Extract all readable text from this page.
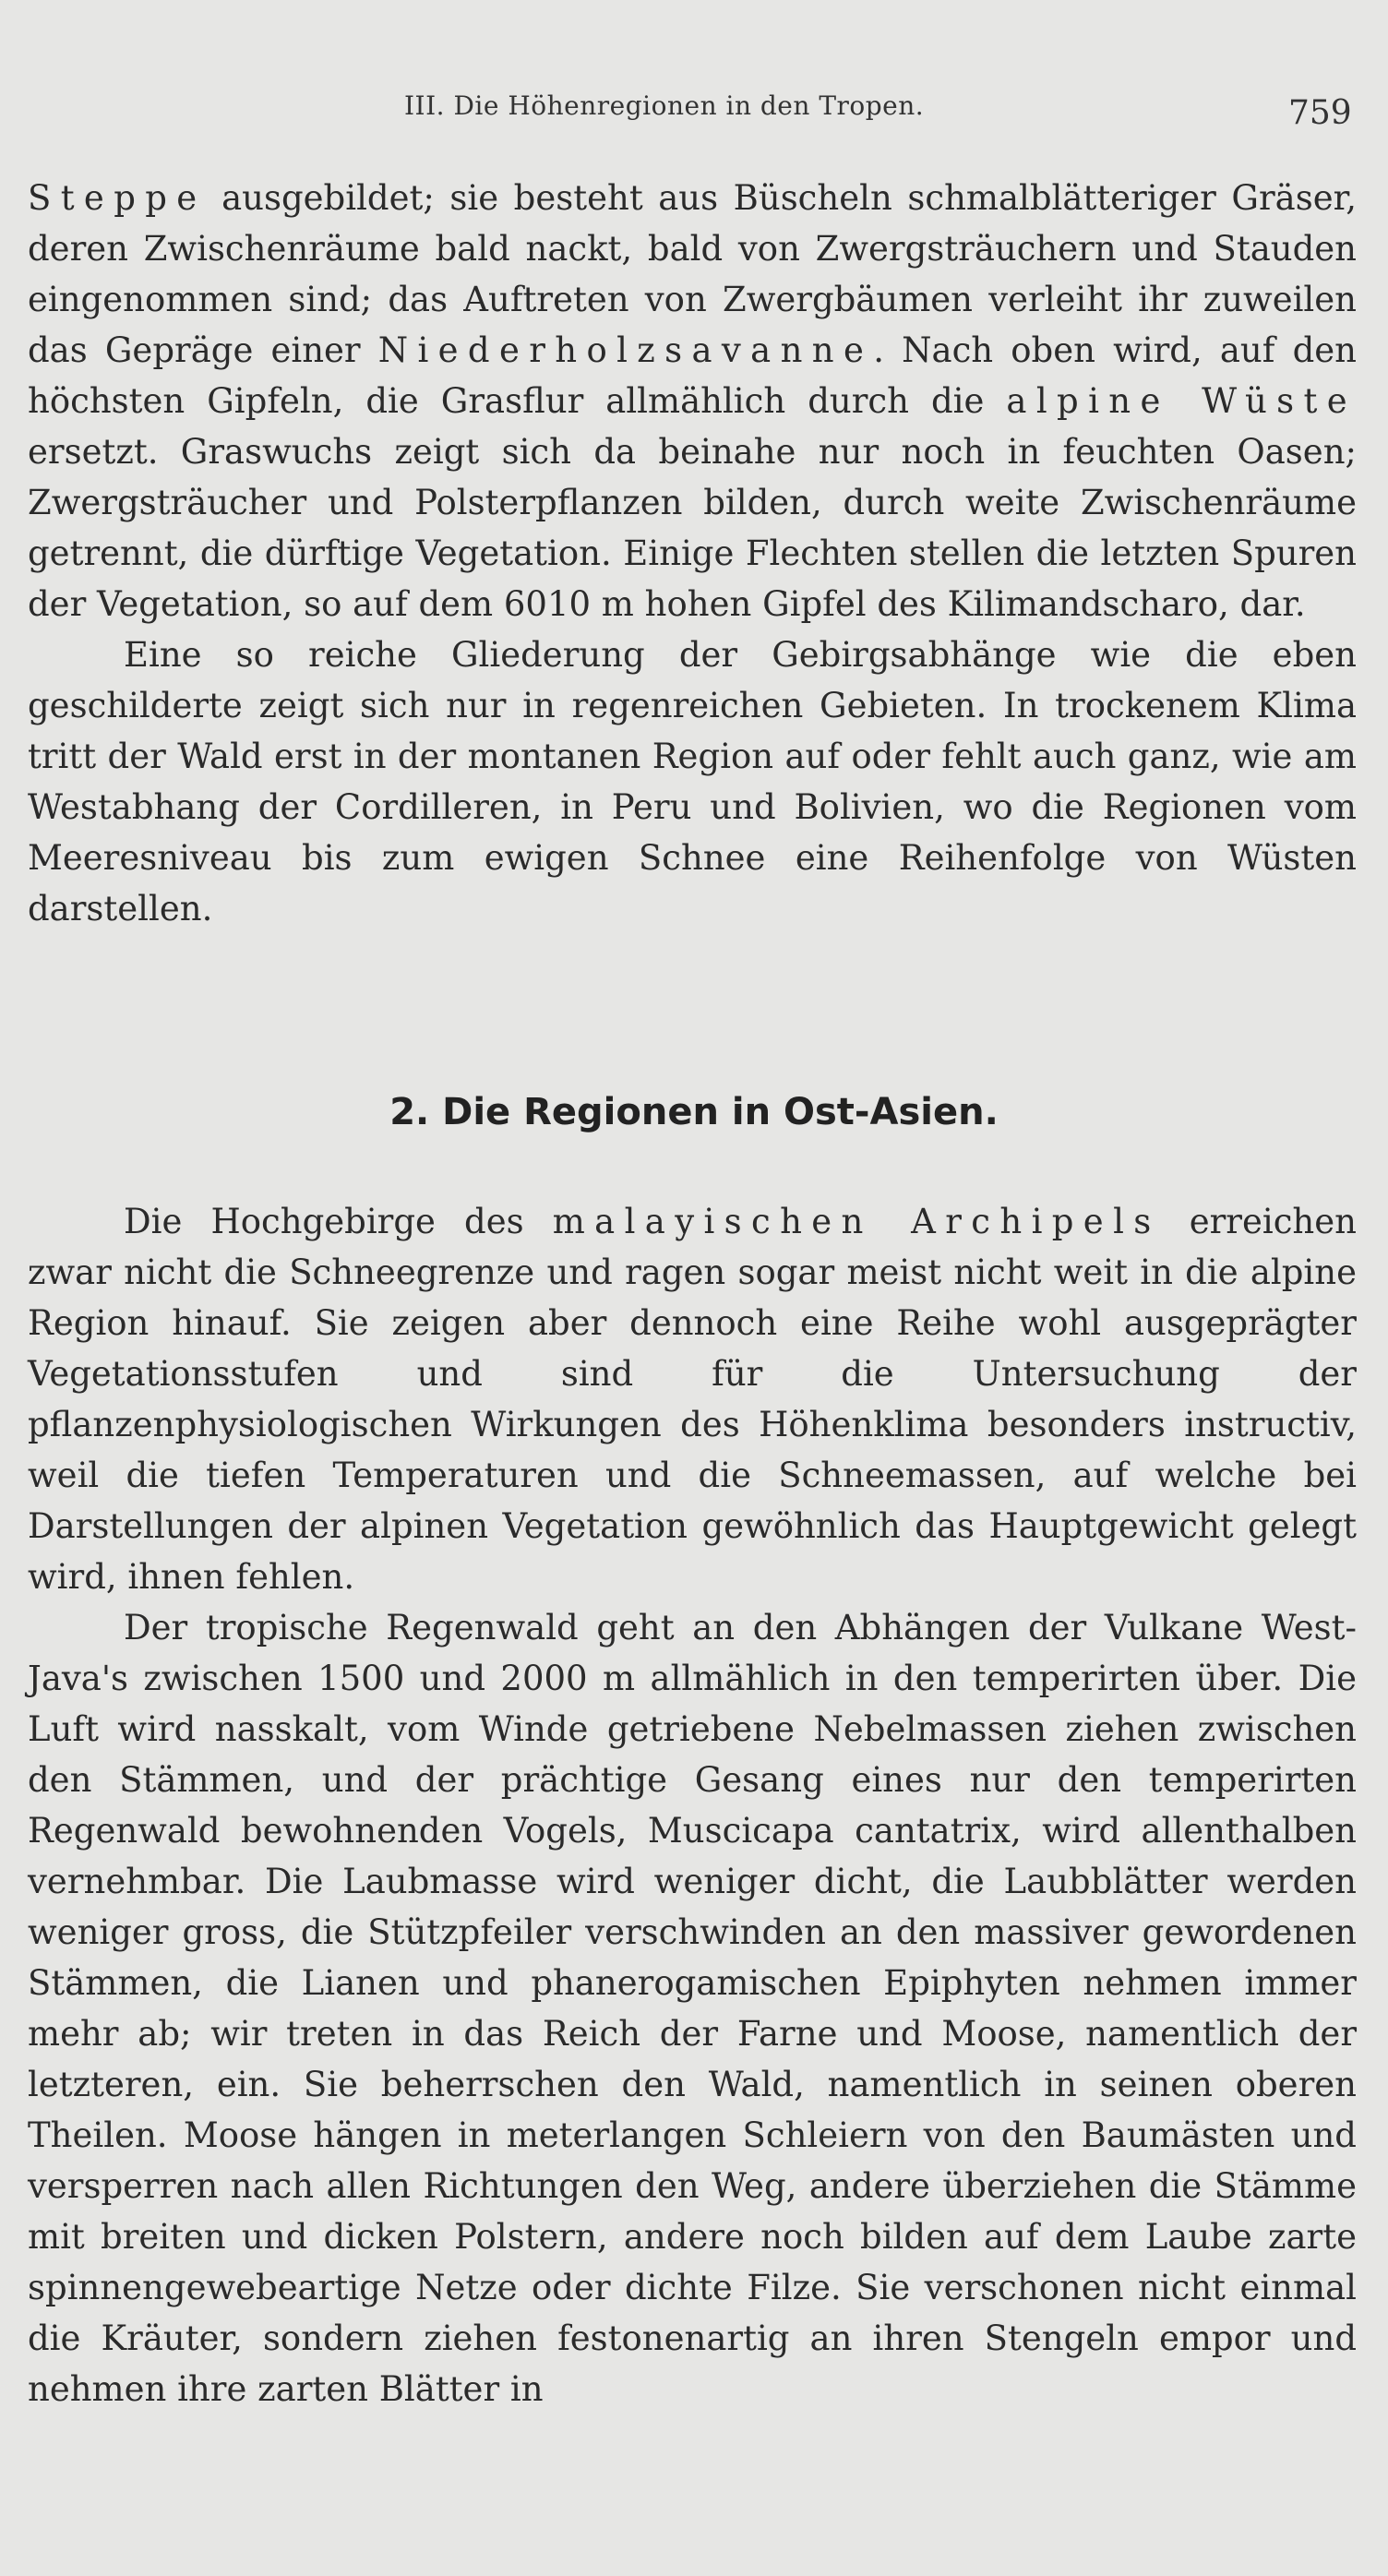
III. Die Höhenregionen in den Tropen.	759

Steppe ausgebildet; sie besteht aus Büscheln schmalblätteriger Gräser, deren Zwischenräume bald nackt, bald von Zwergsträuchern und Stauden eingenommen sind; das Auftreten von Zwergbäumen verleiht ihr zuweilen das Gepräge einer Niederholzsavanne. Nach oben wird, auf den höchsten Gipfeln, die Grasflur allmählich durch die alpine Wüste ersetzt. Graswuchs zeigt sich da beinahe nur noch in feuchten Oasen; Zwergsträucher und Polsterpflanzen bilden, durch weite Zwischenräume getrennt, die dürftige Vegetation. Einige Flechten stellen die letzten Spuren der Vegetation, so auf dem 6010 m hohen Gipfel des Kilimandscharo, dar.

Eine so reiche Gliederung der Gebirgsabhänge wie die eben geschilderte zeigt sich nur in regenreichen Gebieten. In trockenem Klima tritt der Wald erst in der montanen Region auf oder fehlt auch ganz, wie am Westabhang der Cordilleren, in Peru und Bolivien, wo die Regionen vom Meeresniveau bis zum ewigen Schnee eine Reihenfolge von Wüsten darstellen.

2. Die Regionen in Ost-Asien.

Die Hochgebirge des malayischen Archipels erreichen zwar nicht die Schneegrenze und ragen sogar meist nicht weit in die alpine Region hinauf. Sie zeigen aber dennoch eine Reihe wohl ausgeprägter Vegetationsstufen und sind für die Untersuchung der pflanzenphysiologischen Wirkungen des Höhenklima besonders instructiv, weil die tiefen Temperaturen und die Schneemassen, auf welche bei Darstellungen der alpinen Vegetation gewöhnlich das Hauptgewicht gelegt wird, ihnen fehlen.

Der tropische Regenwald geht an den Abhängen der Vulkane West-Java's zwischen 1500 und 2000 m allmählich in den temperirten über. Die Luft wird nasskalt, vom Winde getriebene Nebelmassen ziehen zwischen den Stämmen, und der prächtige Gesang eines nur den temperirten Regenwald bewohnenden Vogels, Muscicapa cantatrix, wird allenthalben vernehmbar. Die Laubmasse wird weniger dicht, die Laubblätter werden weniger gross, die Stützpfeiler verschwinden an den massiver gewordenen Stämmen, die Lianen und phanerogamischen Epiphyten nehmen immer mehr ab; wir treten in das Reich der Farne und Moose, namentlich der letzteren, ein. Sie beherrschen den Wald, namentlich in seinen oberen Theilen. Moose hängen in meterlangen Schleiern von den Baumästen und versperren nach allen Richtungen den Weg, andere überziehen die Stämme mit breiten und dicken Polstern, andere noch bilden auf dem Laube zarte spinnengewebeartige Netze oder dichte Filze. Sie verschonen nicht einmal die Kräuter, sondern ziehen festonenartig an ihren Stengeln empor und nehmen ihre zarten Blätter in
